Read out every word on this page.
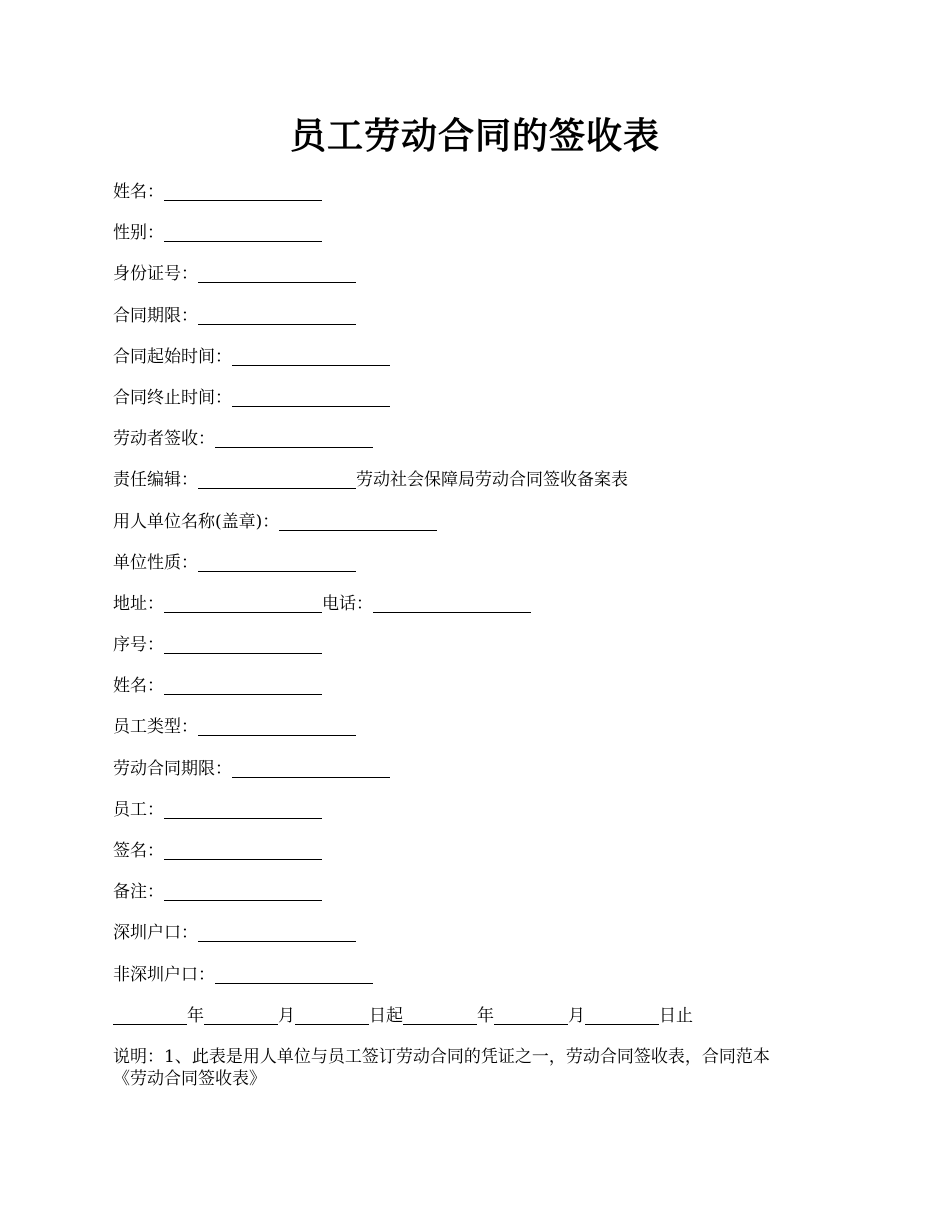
员工劳动合同的签收表
姓名：
性别：
身份证号：
合同期限：
合同起始时间：
合同终止时间：
劳动者签收：
责任编辑：	劳动社会保障局劳动合同签收备案表
用人单位名称(盖章)：
单位性质：
地址：	电话：
序号：
姓名：
员工类型：
劳动合同期限：
员工：
签名：
备注：
深圳户口：
非深圳户口：
年	月	日起	年	月	日止

说明：1、此表是用人单位与员工签订劳动合同的凭证之一，劳动合同签收表，合同范本

《劳动合同签收表》
